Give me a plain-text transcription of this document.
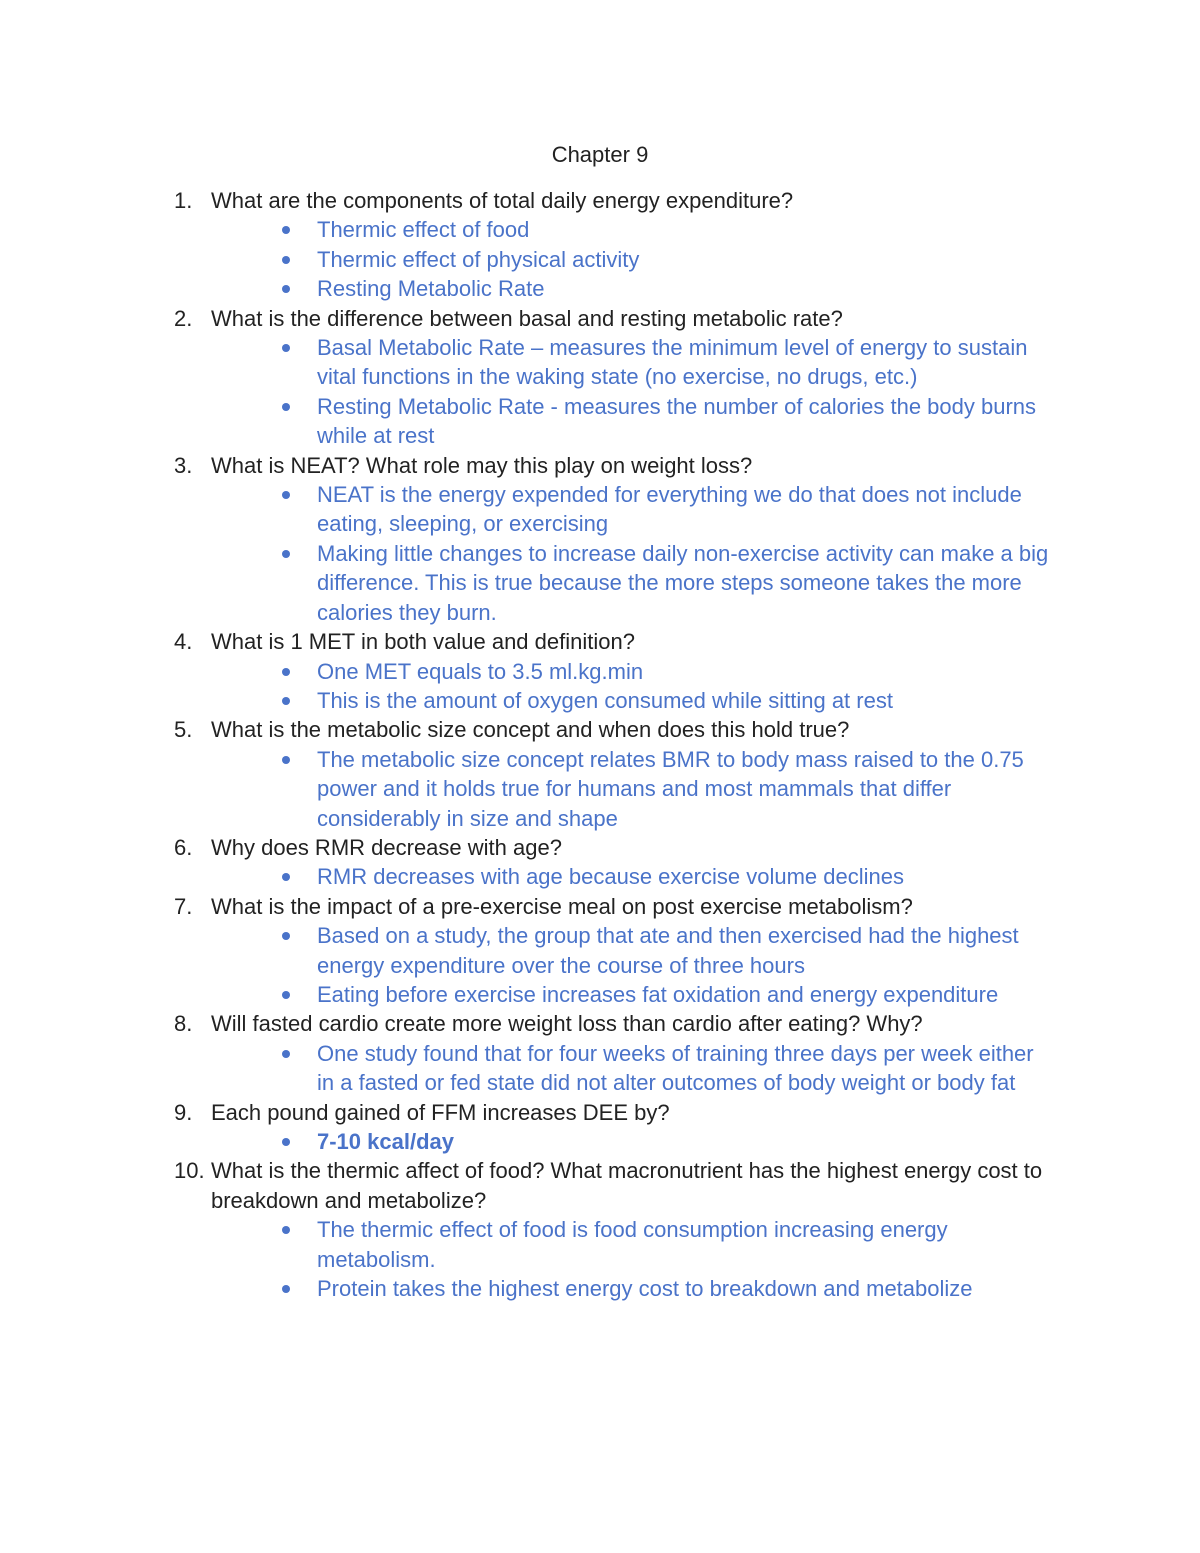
Chapter 9
1. What are the components of total daily energy expenditure?
Thermic effect of food
Thermic effect of physical activity
Resting Metabolic Rate
2. What is the difference between basal and resting metabolic rate?
Basal Metabolic Rate – measures the minimum level of energy to sustain vital functions in the waking state (no exercise, no drugs, etc.)
Resting Metabolic Rate - measures the number of calories the body burns while at rest
3. What is NEAT? What role may this play on weight loss?
NEAT is the energy expended for everything we do that does not include eating, sleeping, or exercising
Making little changes to increase daily non-exercise activity can make a big difference. This is true because the more steps someone takes the more calories they burn.
4. What is 1 MET in both value and definition?
One MET equals to 3.5 ml.kg.min
This is the amount of oxygen consumed while sitting at rest
5. What is the metabolic size concept and when does this hold true?
The metabolic size concept relates BMR to body mass raised to the 0.75 power and it holds true for humans and most mammals that differ considerably in size and shape
6. Why does RMR decrease with age?
RMR decreases with age because exercise volume declines
7. What is the impact of a pre-exercise meal on post exercise metabolism?
Based on a study, the group that ate and then exercised had the highest energy expenditure over the course of three hours
Eating before exercise increases fat oxidation and energy expenditure
8. Will fasted cardio create more weight loss than cardio after eating? Why?
One study found that for four weeks of training three days per week either in a fasted or fed state did not alter outcomes of body weight or body fat
9. Each pound gained of FFM increases DEE by?
7-10 kcal/day
10. What is the thermic affect of food? What macronutrient has the highest energy cost to breakdown and metabolize?
The thermic effect of food is food consumption increasing energy metabolism.
Protein takes the highest energy cost to breakdown and metabolize
